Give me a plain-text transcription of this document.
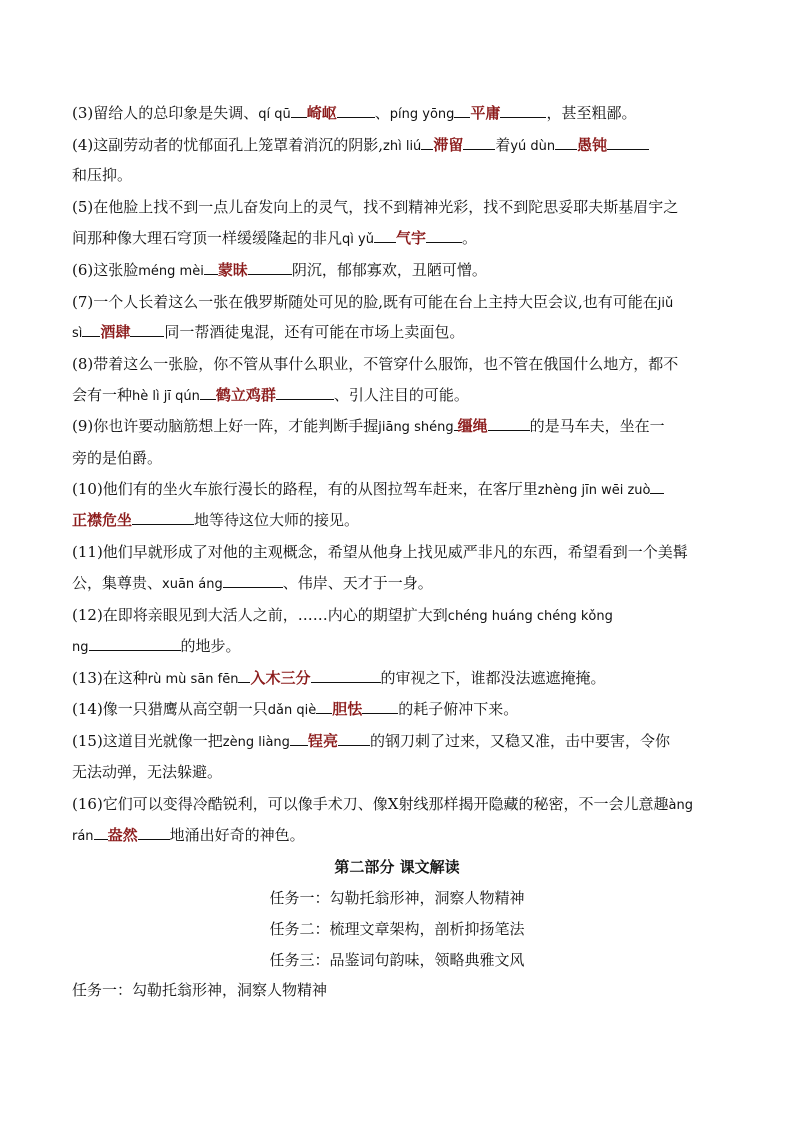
(3)留给人的总印象是失调、qí qū 崎岖	、píng yōng 平庸	，甚至粗鄙。
(4)这副劳动者的忧郁面孔上笼罩着消沉的阴影,zhì liú 滞留 着yú dùn 愚钝
和压抑。
(5)在他脸上找不到一点儿奋发向上的灵气，找不到精神光彩，找不到陀思妥耶夫斯基眉宇之
间那种像大理石穹顶一样缓缓隆起的非凡qì yǔ 气宇 。
(6)这张脸méng mèi 蒙昧	阴沉，郁郁寡欢，丑陋可憎。
(7)一个人长着这么一张在俄罗斯随处可见的脸,既有可能在台上主持大臣会议,也有可能在jiǔ
sì 酒肆 同一帮酒徒鬼混，还有可能在市场上卖面包。
(8)带着这么一张脸，你不管从事什么职业，不管穿什么服饰，也不管在俄国什么地方，都不
会有一种hè lì jī qún 鹤立鸡群	、引人注目的可能。
(9)你也许要动脑筋想上好一阵，才能判断手握jiāng shéng 缰绳	的是马车夫，坐在一
旁的是伯爵。
(10)他们有的坐火车旅行漫长的路程，有的从图拉驾车赶来，在客厅里zhèng jīn wēi zuò
正襟危坐	地等待这位大师的接见。
(11)他们早就形成了对他的主观概念，希望从他身上找见威严非凡的东西，希望看到一个美髯
公，集尊贵、xuān áng	、伟岸、天才于一身。
(12)在即将亲眼见到大活人之前，……内心的期望扩大到chéng huáng chéng kǒng
ng	的地步。
(13)在这种rù mù sān fēn 入木三分	的审视之下，谁都没法遮遮掩掩。
(14)像一只猎鹰从高空朝一只dǎn qiè 胆怯 的耗子俯冲下来。
(15)这道目光就像一把zèng liàng 锃亮 的钢刀刺了过来，又稳又准，击中要害，令你
无法动弹，无法躲避。
(16)它们可以变得冷酷锐利，可以像手术刀、像X射线那样揭开隐藏的秘密，不一会儿意趣àng
rán 盎然 地涌出好奇的神色。
第二部分 课文解读
任务一：勾勒托翁形神，洞察人物精神
任务二：梳理文章架构，剖析抑扬笔法
任务三：品鉴词句韵味，领略典雅文风
任务一：勾勒托翁形神，洞察人物精神
